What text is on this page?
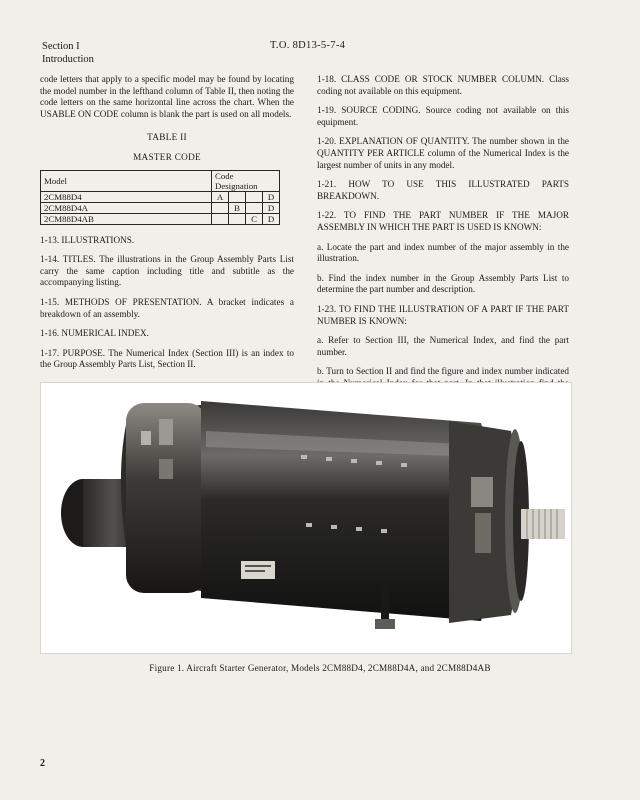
Section I
Introduction
T.O. 8D13-5-7-4

code letters that apply to a specific model may be found by locating the model number in the lefthand column of Table II, then noting the code letters on the same horizontal line across the chart. When the USABLE ON CODE column is blank the part is used on all models.

TABLE II
MASTER CODE
Model	Code Designation			
2CM88D4	A			D
2CM88D4A		B		D
2CM88D4AB			C	D

1-13. ILLUSTRATIONS.

1-14. TITLES. The illustrations in the Group Assembly Parts List carry the same caption including title and subtitle as the accompanying listing.

1-15. METHODS OF PRESENTATION. A bracket indicates a breakdown of an assembly.

1-16. NUMERICAL INDEX.

1-17. PURPOSE. The Numerical Index (Section III) is an index to the Group Assembly Parts List, Section II.

1-18. CLASS CODE OR STOCK NUMBER COLUMN. Class coding not available on this equipment.

1-19. SOURCE CODING. Source coding not available on this equipment.

1-20. EXPLANATION OF QUANTITY. The number shown in the QUANTITY PER ARTICLE column of the Numerical Index is the largest number of units in any model.

1-21. HOW TO USE THIS ILLUSTRATED PARTS BREAKDOWN.

1-22. TO FIND THE PART NUMBER IF THE MAJOR ASSEMBLY IN WHICH THE PART IS USED IS KNOWN:

a. Locate the part and index number of the major assembly in the illustration.

b. Find the index number in the Group Assembly Parts List to determine the part number and description.

1-23. TO FIND THE ILLUSTRATION OF A PART IF THE PART NUMBER IS KNOWN:

a. Refer to Section III, the Numerical Index, and find the part number.

b. Turn to Section II and find the figure and index number indicated

Figure 1. Aircraft Starter Generator, Models 2CM88D4, 2CM88D4A, and 2CM88D4AB
2
